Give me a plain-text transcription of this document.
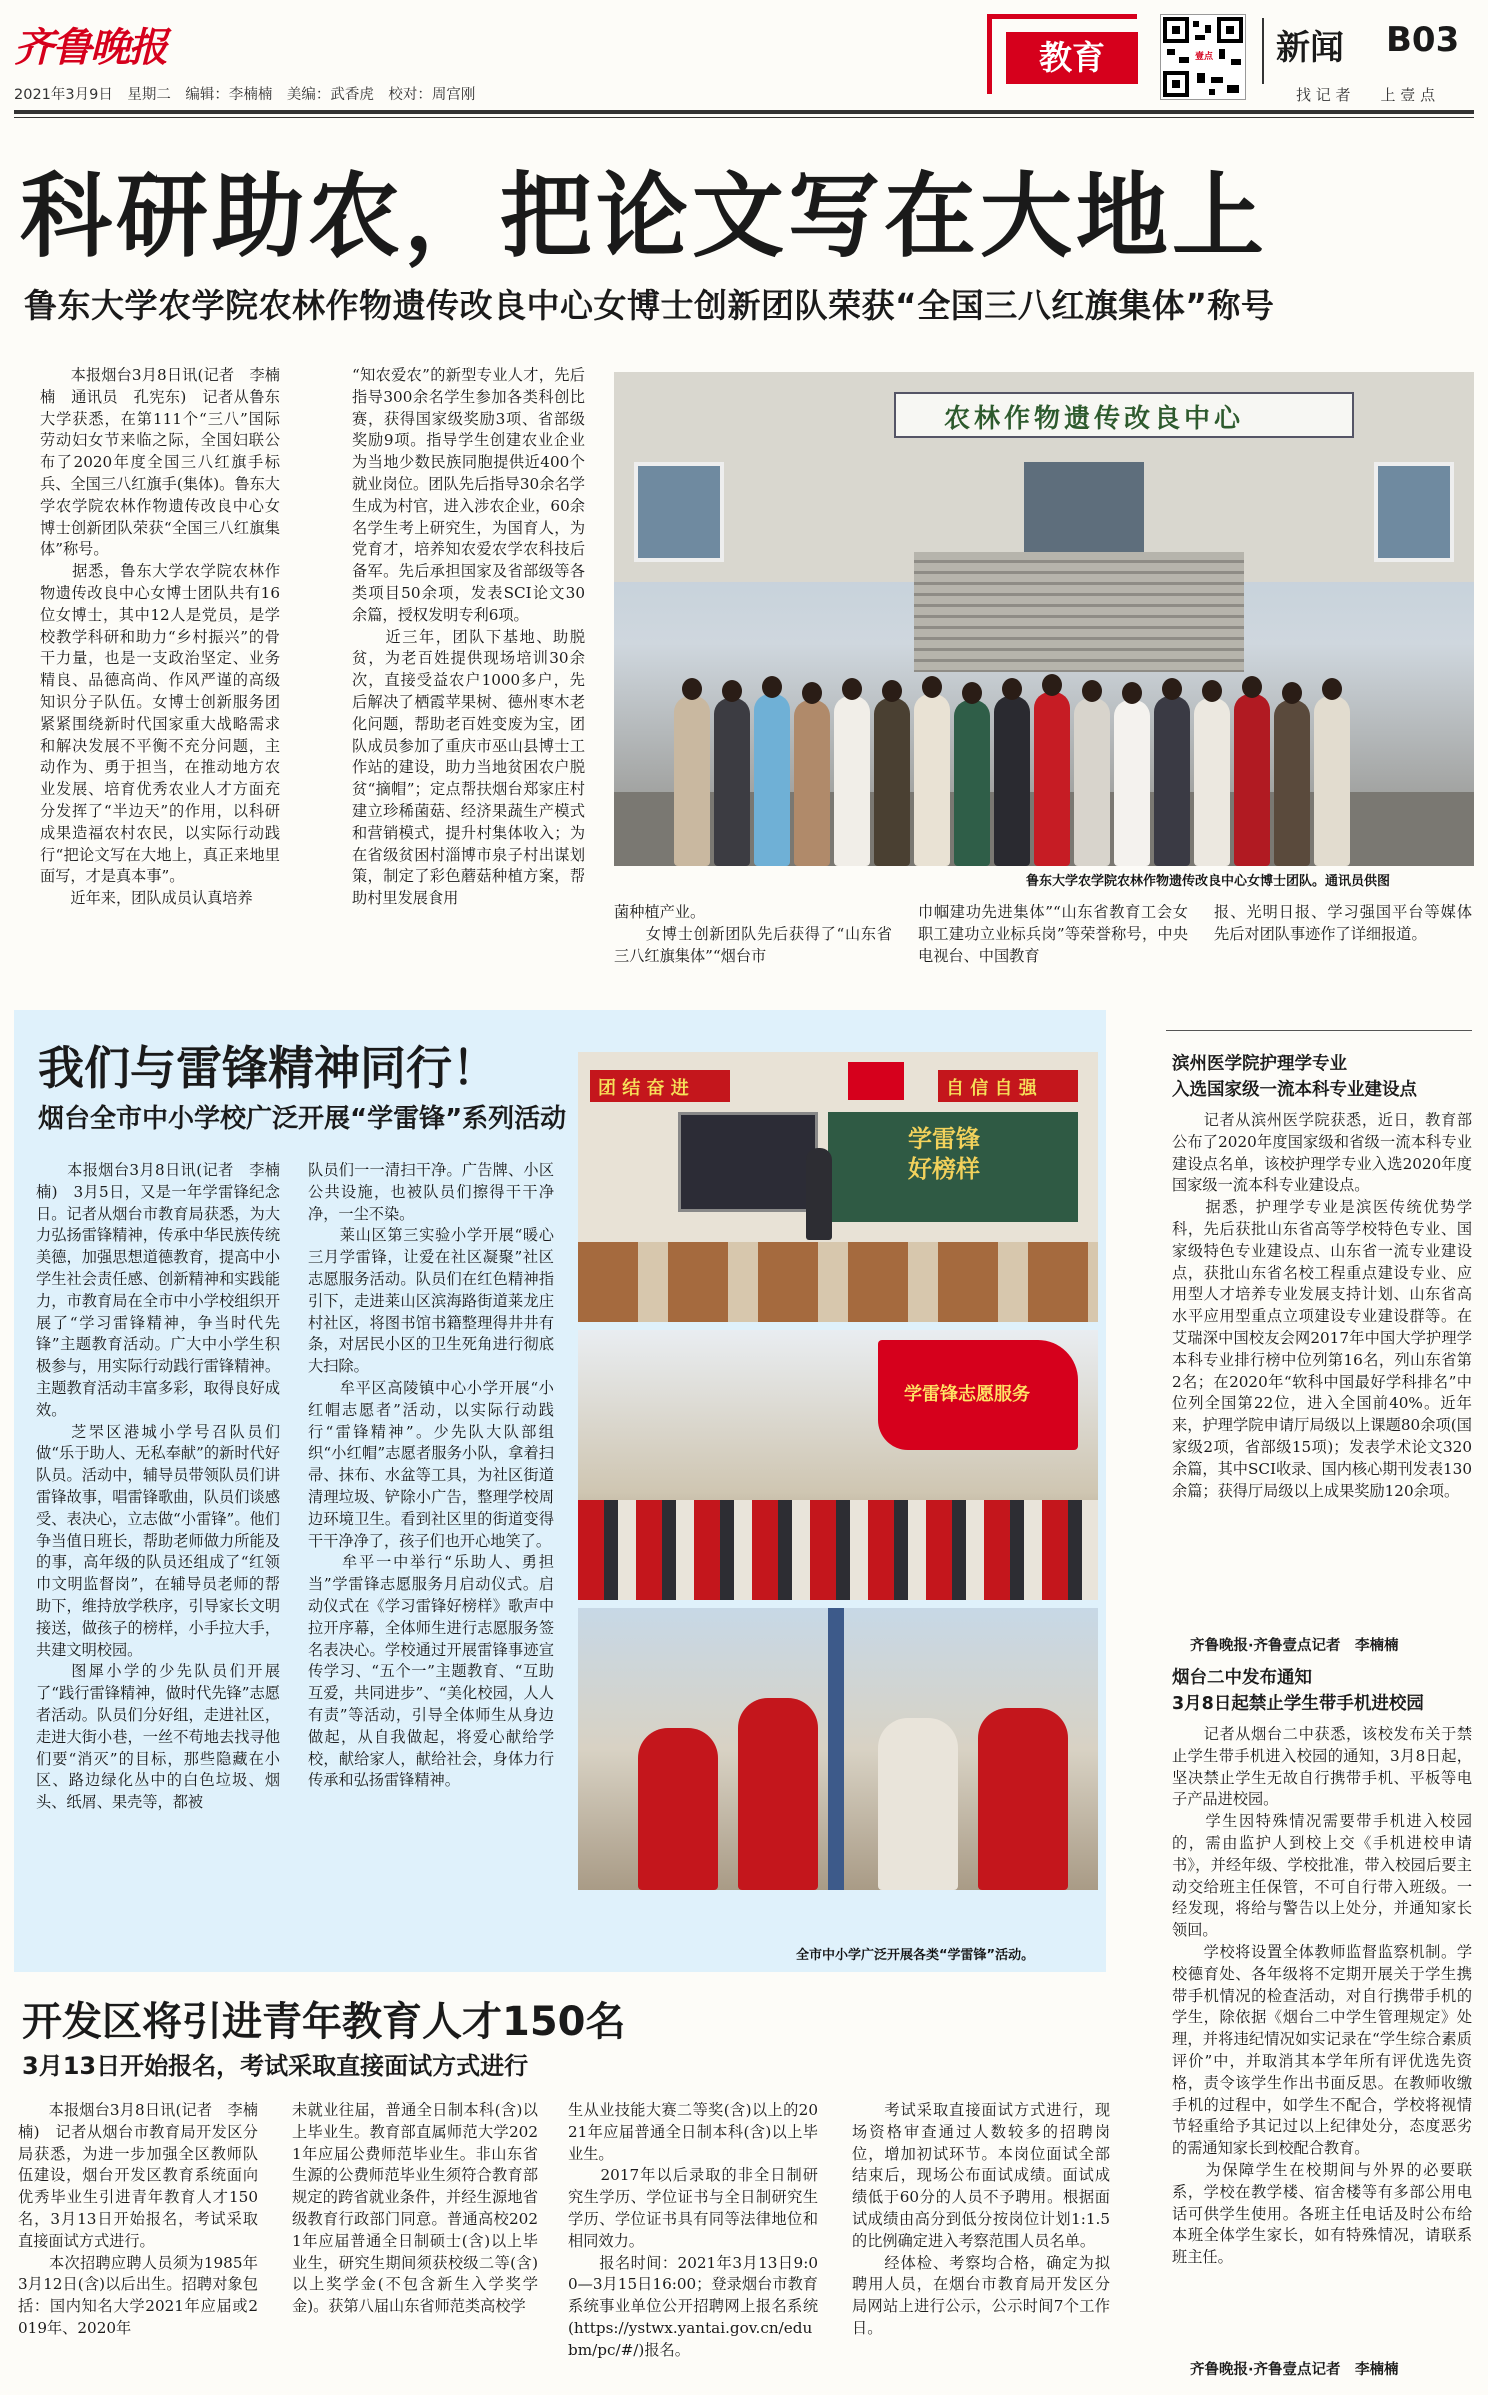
齐鲁晚报
2021年3月9日　星期二　编辑：李楠楠　美编：武香虎　校对：周宫刚
教育	壹点 新闻 B03
找 记 者　　上 壹 点
科研助农，把论文写在大地上
鲁东大学农学院农林作物遗传改良中心女博士创新团队荣获“全国三八红旗集体”称号
　　本报烟台3月8日讯(记者　李楠楠　通讯员　孔宪东)　记者从鲁东大学获悉，在第111个“三八”国际劳动妇女节来临之际，全国妇联公布了2020年度全国三八红旗手标兵、全国三八红旗手(集体)。鲁东大学农学院农林作物遗传改良中心女博士创新团队荣获“全国三八红旗集体”称号。
　　据悉，鲁东大学农学院农林作物遗传改良中心女博士团队共有16位女博士，其中12人是党员，是学校教学科研和助力“乡村振兴”的骨干力量，也是一支政治坚定、业务精良、品德高尚、作风严谨的高级知识分子队伍。女博士创新服务团紧紧围绕新时代国家重大战略需求和解决发展不平衡不充分问题，主动作为、勇于担当，在推动地方农业发展、培育优秀农业人才方面充分发挥了“半边天”的作用，以科研成果造福农村农民，以实际行动践行“把论文写在大地上，真正来地里面写，才是真本事”。
　　近年来，团队成员认真培养
“知农爱农”的新型专业人才，先后指导300余名学生参加各类科创比赛，获得国家级奖励3项、省部级奖励9项。指导学生创建农业企业为当地少数民族同胞提供近400个就业岗位。团队先后指导30余名学生成为村官，进入涉农企业，60余名学生考上研究生，为国育人，为党育才，培养知农爱农学农科技后备军。先后承担国家及省部级等各类项目50余项，发表SCI论文30余篇，授权发明专利6项。
　　近三年，团队下基地、助脱贫，为老百姓提供现场培训30余次，直接受益农户1000多户，先后解决了栖霞苹果树、德州枣木老化问题，帮助老百姓变废为宝，团队成员参加了重庆市巫山县博士工作站的建设，助力当地贫困农户脱贫“摘帽”；定点帮扶烟台郑家庄村建立珍稀菌菇、经济果蔬生产模式和营销模式，提升村集体收入；为在省级贫困村淄博市泉子村出谋划策，制定了彩色蘑菇种植方案，帮助村里发展食用
农林作物遗传改良中心
鲁东大学农学院农林作物遗传改良中心女博士团队。通讯员供图
菌种植产业。
　　女博士创新团队先后获得了“山东省三八红旗集体”“烟台市
巾帼建功先进集体”“山东省教育工会女职工建功立业标兵岗”等荣誉称号，中央电视台、中国教育
报、光明日报、学习强国平台等媒体先后对团队事迹作了详细报道。
我们与雷锋精神同行！
烟台全市中小学校广泛开展“学雷锋”系列活动
　　本报烟台3月8日讯(记者　李楠楠)　3月5日，又是一年学雷锋纪念日。记者从烟台市教育局获悉，为大力弘扬雷锋精神，传承中华民族传统美德，加强思想道德教育，提高中小学生社会责任感、创新精神和实践能力，市教育局在全市中小学校组织开展了“学习雷锋精神，争当时代先锋”主题教育活动。广大中小学生积极参与，用实际行动践行雷锋精神。主题教育活动丰富多彩，取得良好成效。
　　芝罘区港城小学号召队员们做“乐于助人、无私奉献”的新时代好队员。活动中，辅导员带领队员们讲雷锋故事，唱雷锋歌曲，队员们谈感受、表决心，立志做“小雷锋”。他们争当值日班长，帮助老师做力所能及的事，高年级的队员还组成了“红领巾文明监督岗”，在辅导员老师的帮助下，维持放学秩序，引导家长文明接送，做孩子的榜样，小手拉大手，共建文明校园。
　　图犀小学的少先队员们开展了“践行雷锋精神，做时代先锋”志愿者活动。队员们分好组，走进社区，走进大街小巷，一丝不苟地去找寻他们要“消灭”的目标，那些隐藏在小区、路边绿化丛中的白色垃圾、烟头、纸屑、果壳等，都被
队员们一一清扫干净。广告牌、小区公共设施，也被队员们擦得干干净净，一尘不染。
　　莱山区第三实验小学开展“暖心三月学雷锋，让爱在社区凝聚”社区志愿服务活动。队员们在红色精神指引下，走进莱山区滨海路街道莱龙庄村社区，将图书馆书籍整理得井井有条，对居民小区的卫生死角进行彻底大扫除。
　　牟平区高陵镇中心小学开展“小红帽志愿者”活动，以实际行动践行“雷锋精神”。少先队大队部组织“小红帽”志愿者服务小队，拿着扫帚、抹布、水盆等工具，为社区街道清理垃圾、铲除小广告，整理学校周边环境卫生。看到社区里的街道变得干干净净了，孩子们也开心地笑了。
　　牟平一中举行“乐助人、勇担当”学雷锋志愿服务月启动仪式。启动仪式在《学习雷锋好榜样》歌声中拉开序幕，全体师生进行志愿服务签名表决心。学校通过开展雷锋事迹宣传学习、“五个一”主题教育、“互助互爱，共同进步”、“美化校园，人人有责”等活动，引导全体师生从身边做起，从自我做起，将爱心献给学校，献给家人，献给社会，身体力行传承和弘扬雷锋精神。
团 结 奋 进	自 信 自 强
学雷锋
好榜样
学雷锋志愿服务
全市中小学广泛开展各类“学雷锋”活动。
滨州医学院护理学专业
入选国家级一流本科专业建设点
　　记者从滨州医学院获悉，近日，教育部公布了2020年度国家级和省级一流本科专业建设点名单，该校护理学专业入选2020年度国家级一流本科专业建设点。
　　据悉，护理学专业是滨医传统优势学科，先后获批山东省高等学校特色专业、国家级特色专业建设点、山东省一流专业建设点，获批山东省名校工程重点建设专业、应用型人才培养专业发展支持计划、山东省高水平应用型重点立项建设专业建设群等。在艾瑞深中国校友会网2017年中国大学护理学本科专业排行榜中位列第16名，列山东省第2名；在2020年“软科中国最好学科排名”中位列全国第22位，进入全国前40%。近年来，护理学院申请厅局级以上课题80余项(国家级2项，省部级15项)；发表学术论文320余篇，其中SCI收录、国内核心期刊发表130余篇；获得厅局级以上成果奖励120余项。
齐鲁晚报·齐鲁壹点记者　李楠楠
烟台二中发布通知
3月8日起禁止学生带手机进校园
　　记者从烟台二中获悉，该校发布关于禁止学生带手机进入校园的通知，3月8日起，坚决禁止学生无故自行携带手机、平板等电子产品进校园。
　　学生因特殊情况需要带手机进入校园的，需由监护人到校上交《手机进校申请书》，并经年级、学校批准，带入校园后要主动交给班主任保管，不可自行带入班级。一经发现，将给与警告以上处分，并通知家长领回。
　　学校将设置全体教师监督监察机制。学校德育处、各年级将不定期开展关于学生携带手机情况的检查活动，对自行携带手机的学生，除依据《烟台二中学生管理规定》处理，并将违纪情况如实记录在“学生综合素质评价”中，并取消其本学年所有评优选先资格，责令该学生作出书面反思。在教师收缴手机的过程中，如学生不配合，学校将视情节轻重给予其记过以上纪律处分，态度恶劣的需通知家长到校配合教育。
　　为保障学生在校期间与外界的必要联系，学校在教学楼、宿舍楼等有多部公用电话可供学生使用。各班主任电话及时公布给本班全体学生家长，如有特殊情况，请联系班主任。
齐鲁晚报·齐鲁壹点记者　李楠楠
开发区将引进青年教育人才150名
3月13日开始报名，考试采取直接面试方式进行
　　本报烟台3月8日讯(记者　李楠楠)　记者从烟台市教育局开发区分局获悉，为进一步加强全区教师队伍建设，烟台开发区教育系统面向优秀毕业生引进青年教育人才150名，3月13日开始报名，考试采取直接面试方式进行。
　　本次招聘应聘人员须为1985年3月12日(含)以后出生。招聘对象包括：国内知名大学2021年应届或2019年、2020年
未就业往届，普通全日制本科(含)以上毕业生。教育部直属师范大学2021年应届公费师范毕业生。非山东省生源的公费师范毕业生须符合教育部规定的跨省就业条件，并经生源地省级教育行政部门同意。普通高校2021年应届普通全日制硕士(含)以上毕业生，研究生期间须获校级二等(含)以上奖学金(不包含新生入学奖学金)。获第八届山东省师范类高校学
生从业技能大赛二等奖(含)以上的2021年应届普通全日制本科(含)以上毕业生。
　　2017年以后录取的非全日制研究生学历、学位证书与全日制研究生学历、学位证书具有同等法律地位和相同效力。
　　报名时间：2021年3月13日9:00—3月15日16:00；登录烟台市教育系统事业单位公开招聘网上报名系统(https://ystwx.yantai.gov.cn/edubm/pc/#/)报名。
　　考试采取直接面试方式进行，现场资格审查通过人数较多的招聘岗位，增加初试环节。本岗位面试全部结束后，现场公布面试成绩。面试成绩低于60分的人员不予聘用。根据面试成绩由高分到低分按岗位计划1:1.5的比例确定进入考察范围人员名单。
　　经体检、考察均合格，确定为拟聘用人员，在烟台市教育局开发区分局网站上进行公示，公示时间7个工作日。
